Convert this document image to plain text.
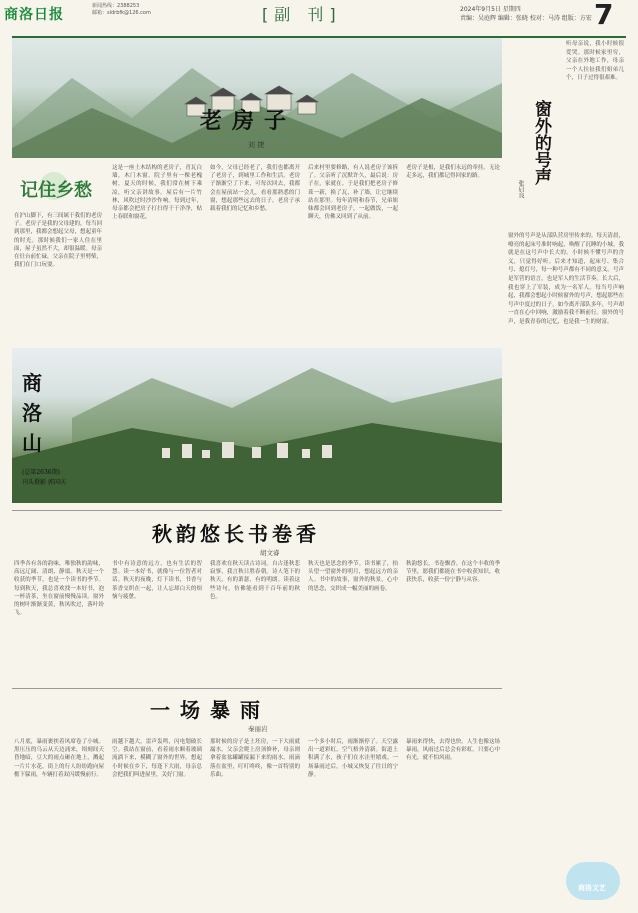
商洛日报
新闻热线：2388253
邮箱：sldrbfk@126.com	[副 刊]	2024年9月5日 星期四
责编：吴庭辉 编辑：张晓 校对：马涛 组版：方宏 7
老房子
刘 捷
记住乡愁
在沪山脚下，有三间属于我们的老房子。老房子是我的父母建的，每当回到那里，我都会想起父母，想起童年的时光。那时候我们一家人住在里面，屋子虽然不大，却很温暖。母亲在灶台前忙碌，父亲在院子里劈柴，我们在门口玩耍。
这是一座土木结构的老房子，青瓦白墙，木门木窗。院子里有一棵老槐树，夏天的时候，我们常在树下乘凉，听父亲讲故事。屋后有一片竹林，风吹过时沙沙作响。每到过年，母亲都会把房子打扫得干干净净，贴上春联和窗花。
如今，父母已经老了，我们也都离开了老房子，到城里工作和生活。老房子渐渐空了下来，可每次回去，我都会在屋前站一会儿，看看那熟悉的门窗，想起那些远去的日子。老房子承载着我们的记忆和乡愁。
后来村里要修路，有人说老房子该拆了。父亲听了沉默许久，最后说：房子在，家就在。于是我们把老房子修葺一新，换了瓦，补了墙，让它继续站在那里。每年清明和春节，兄弟姐妹都会回到老房子，一起做饭，一起聊天，仿佛又回到了从前。
老房子是根，是我们永远的牵挂。无论走多远，我们都记得回家的路。
商洛山
(总第2636期)
刊头摄影 郭国庆
秋韵悠长书卷香
胡文睿
四季各有各的韵味，唯独秋的韵味，高远辽阔、清朗、静谧。秋天是一个收获的季节，也是一个读书的季节。每到秋天，我总喜欢找一本好书，泡一杯清茶，坐在窗前慢慢品读。窗外的树叶渐渐变黄，秋风吹过，落叶纷飞。
书中有诗意的远方，也有生活的智慧。读一本好书，就像与一位智者对话。秋天的夜晚，灯下读书，书香与茶香交织在一起，让人忘却白天的烦恼与疲惫。
我喜欢在秋天读古诗词。自古逢秋悲寂寥，我言秋日胜春朝。诗人笔下的秋天，有的萧瑟，有的明朗。读着这些诗句，仿佛能看到千百年前的秋色。
秋天也是思念的季节。读书累了，抬头望一望窗外的明月，想起远方的亲人。书中的故事，窗外的秋景，心中的思念，交织成一幅美丽的画卷。
秋韵悠长，书卷飘香。在这个丰收的季节里，愿我们都能在书中收获知识，收获快乐，收获一份宁静与从容。
一场暴雨
秦丽岩
八月底，暴雨裹挟着风席卷了小城。黑压压的乌云从天边涌来，顷刻间天昏地暗，豆大的雨点砸在地上，溅起一片片水花。街上的行人纷纷跑向屋檐下躲雨，车辆打着双闪缓慢前行。
雨越下越大，雷声轰鸣，闪电划破长空。我站在窗前，看着雨水顺着玻璃流淌下来，模糊了窗外的世界。想起小时候在乡下，每逢下大雨，母亲总会把我们叫进屋里，关好门窗。
那时候的房子是土坯房，一下大雨就漏水。父亲会爬上房顶修补，母亲则拿着盆盆罐罐接漏下来的雨水。雨滴落在盆里，叮叮咚咚，像一首特别的乐曲。
一个多小时后，雨渐渐停了。天空露出一道彩虹，空气格外清新。街道上积满了水，孩子们在水洼里嬉戏。一场暴雨过后，小城又恢复了往日的宁静。
暴雨来得快，去得也快。人生也像这场暴雨，风雨过后总会有彩虹。只要心中有光，就不怕风雨。
听母亲说，我小时候很爱哭。那时候家里穷，父亲在外地工作，母亲一个人拉扯我们姐弟几个，日子过得很艰难。
窗外的号声
张启良
窗外的号声是从部队营房里传来的。每天清晨，嘹亮的起床号准时响起，唤醒了沉睡的小城。我就是在这号声中长大的。小时候不懂号声的含义，只觉得好听。后来才知道，起床号、集合号、熄灯号，每一种号声都有不同的意义。号声是军营的语言，也是军人的生活节奏。长大后，我也穿上了军装，成为一名军人。每当号声响起，我都会想起小时候窗外的号声，想起那些在号声中度过的日子。如今离开部队多年，号声却一直在心中回响，激励着我不断前行。窗外的号声，是我青春的记忆，也是我一生的财富。
商洛文艺
